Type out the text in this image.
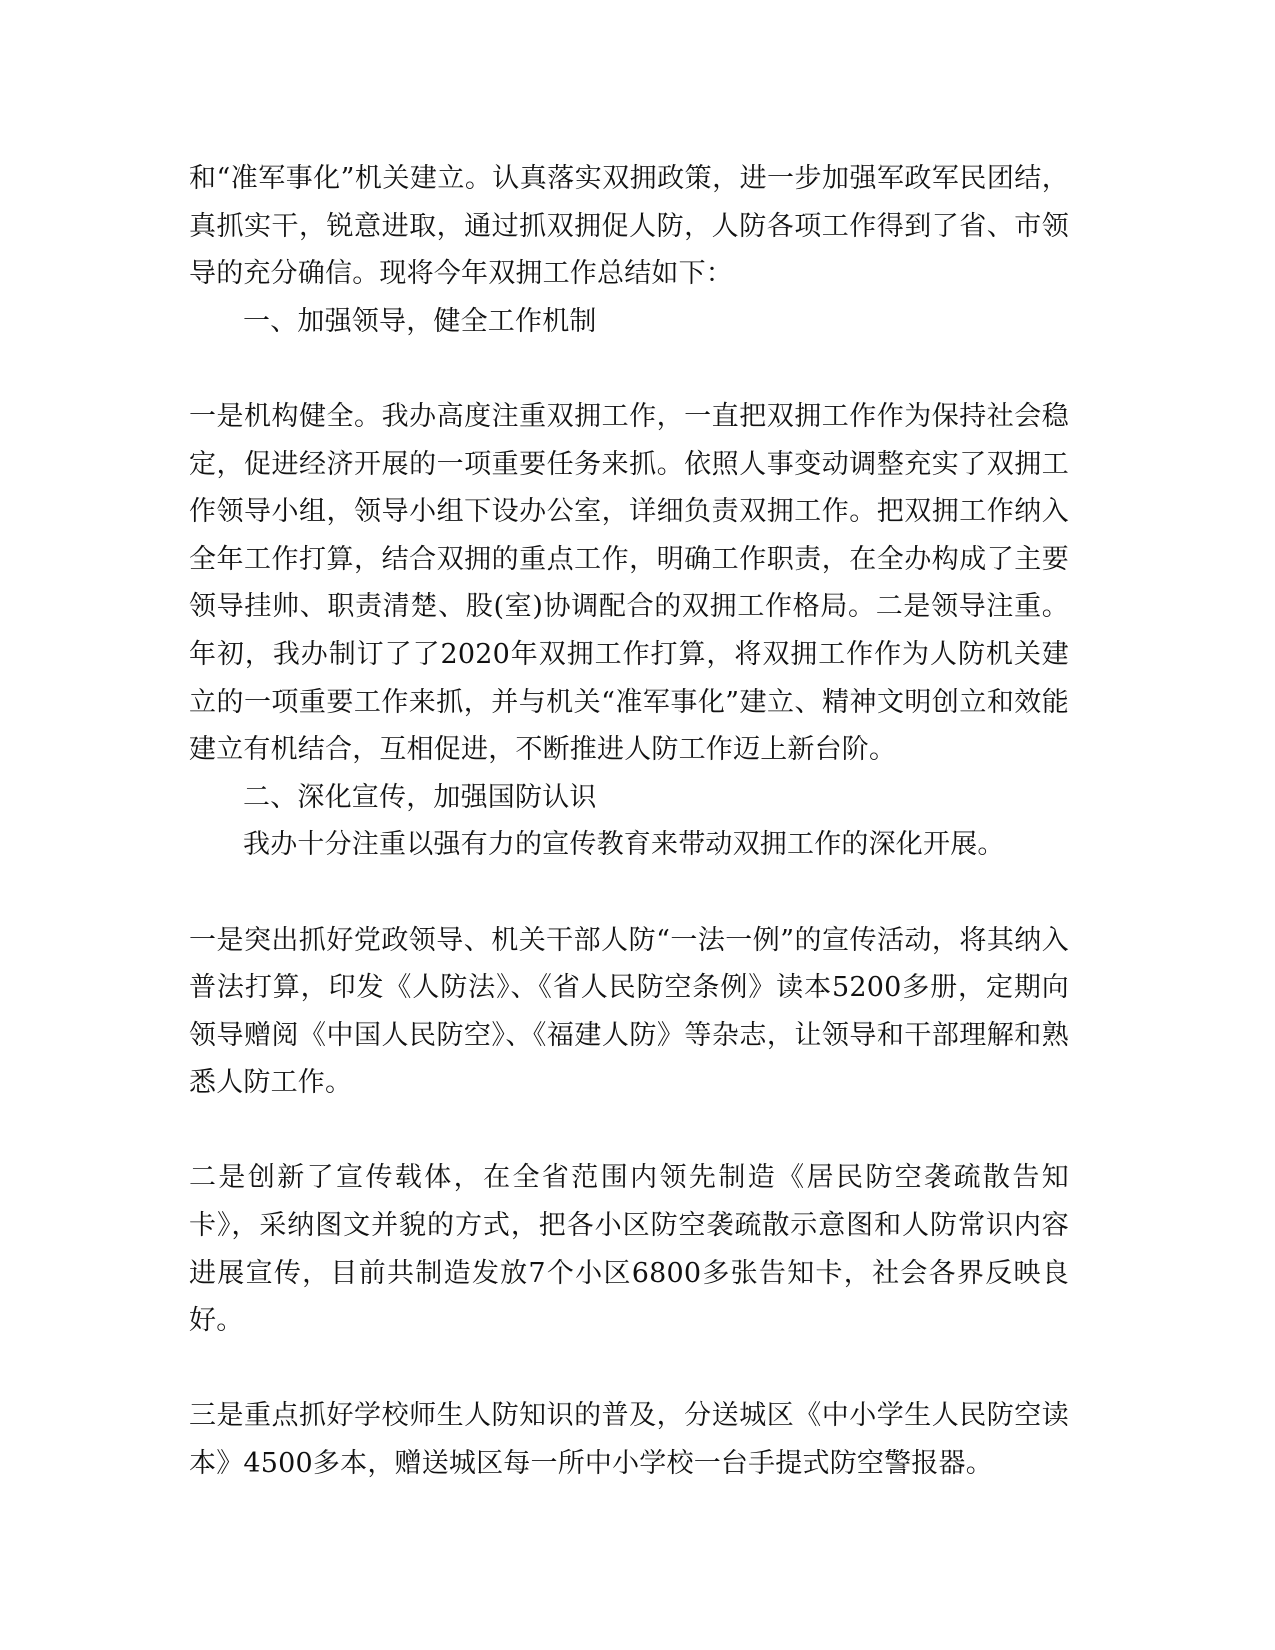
和“准军事化”机关建立。认真落实双拥政策，进一步加强军政军民团结，真抓实干，锐意进取，通过抓双拥促人防，人防各项工作得到了省、市领导的充分确信。现将今年双拥工作总结如下：

一、加强领导，健全工作机制

一是机构健全。我办高度注重双拥工作，一直把双拥工作作为保持社会稳定，促进经济开展的一项重要任务来抓。依照人事变动调整充实了双拥工作领导小组，领导小组下设办公室，详细负责双拥工作。把双拥工作纳入全年工作打算，结合双拥的重点工作，明确工作职责，在全办构成了主要领导挂帅、职责清楚、股(室)协调配合的双拥工作格局。二是领导注重。年初，我办制订了了2020年双拥工作打算，将双拥工作作为人防机关建立的一项重要工作来抓，并与机关“准军事化”建立、精神文明创立和效能建立有机结合，互相促进，不断推进人防工作迈上新台阶。

二、深化宣传，加强国防认识

我办十分注重以强有力的宣传教育来带动双拥工作的深化开展。

一是突出抓好党政领导、机关干部人防“一法一例”的宣传活动，将其纳入普法打算，印发《人防法》、《省人民防空条例》读本5200多册，定期向领导赠阅《中国人民防空》、《福建人防》等杂志，让领导和干部理解和熟悉人防工作。

二是创新了宣传载体，在全省范围内领先制造《居民防空袭疏散告知卡》，采纳图文并貌的方式，把各小区防空袭疏散示意图和人防常识内容进展宣传，目前共制造发放7个小区6800多张告知卡，社会各界反映良好。

三是重点抓好学校师生人防知识的普及，分送城区《中小学生人民防空读本》4500多本，赠送城区每一所中小学校一台手提式防空警报器。
